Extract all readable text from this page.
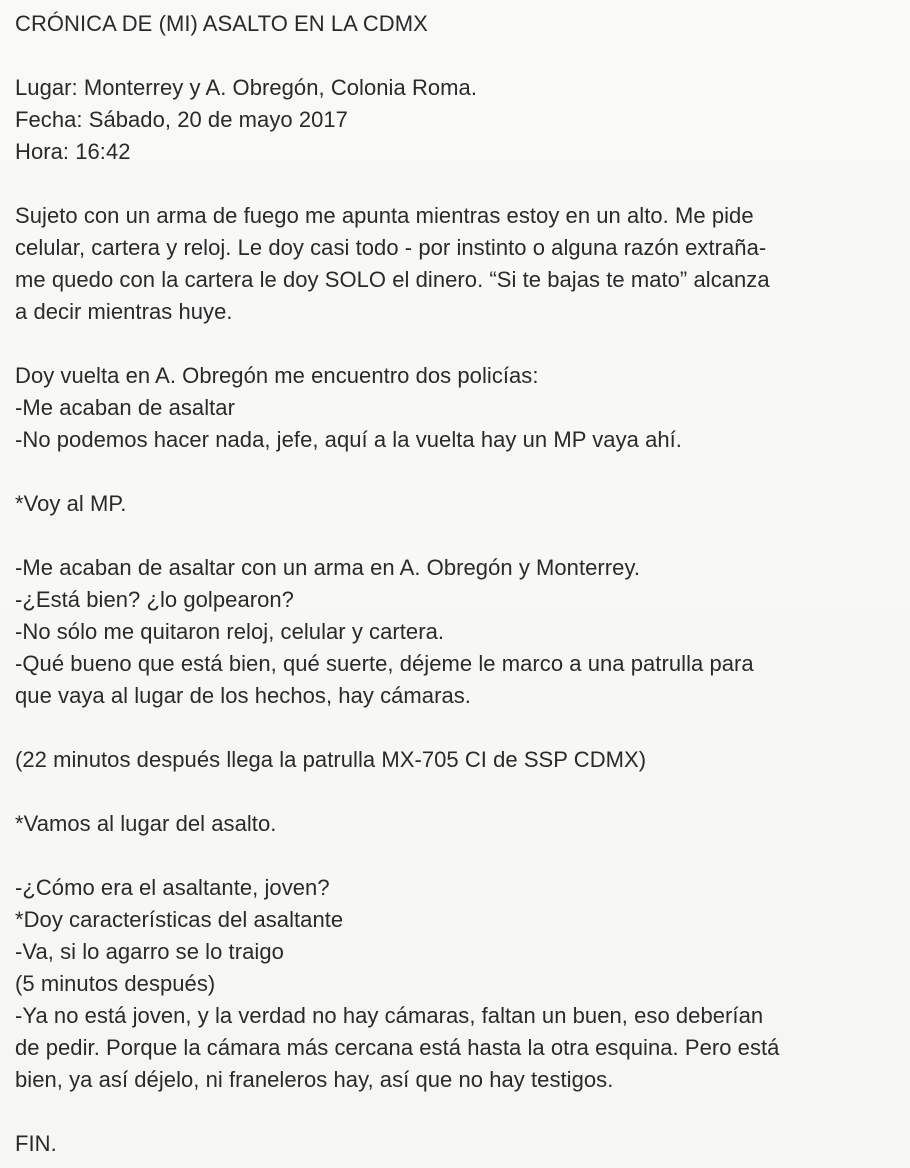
CRÓNICA DE (MI) ASALTO EN LA CDMX
Lugar: Monterrey y A. Obregón, Colonia Roma.
Fecha: Sábado, 20 de mayo 2017
Hora: 16:42
Sujeto con un arma de fuego me apunta mientras estoy en un alto. Me pide
celular, cartera y reloj. Le doy casi todo - por instinto o alguna razón extraña-
me quedo con la cartera le doy SOLO el dinero. “Si te bajas te mato” alcanza
a decir mientras huye.
Doy vuelta en A. Obregón me encuentro dos policías:
-Me acaban de asaltar
-No podemos hacer nada, jefe, aquí a la vuelta hay un MP vaya ahí.
*Voy al MP.
-Me acaban de asaltar con un arma en A. Obregón y Monterrey.
-¿Está bien? ¿lo golpearon?
-No sólo me quitaron reloj, celular y cartera.
-Qué bueno que está bien, qué suerte, déjeme le marco a una patrulla para
que vaya al lugar de los hechos, hay cámaras.
(22 minutos después llega la patrulla MX-705 CI de SSP CDMX)
*Vamos al lugar del asalto.
-¿Cómo era el asaltante, joven?
*Doy características del asaltante
-Va, si lo agarro se lo traigo
(5 minutos después)
-Ya no está joven, y la verdad no hay cámaras, faltan un buen, eso deberían
de pedir. Porque la cámara más cercana está hasta la otra esquina. Pero está
bien, ya así déjelo, ni franeleros hay, así que no hay testigos.
FIN.
